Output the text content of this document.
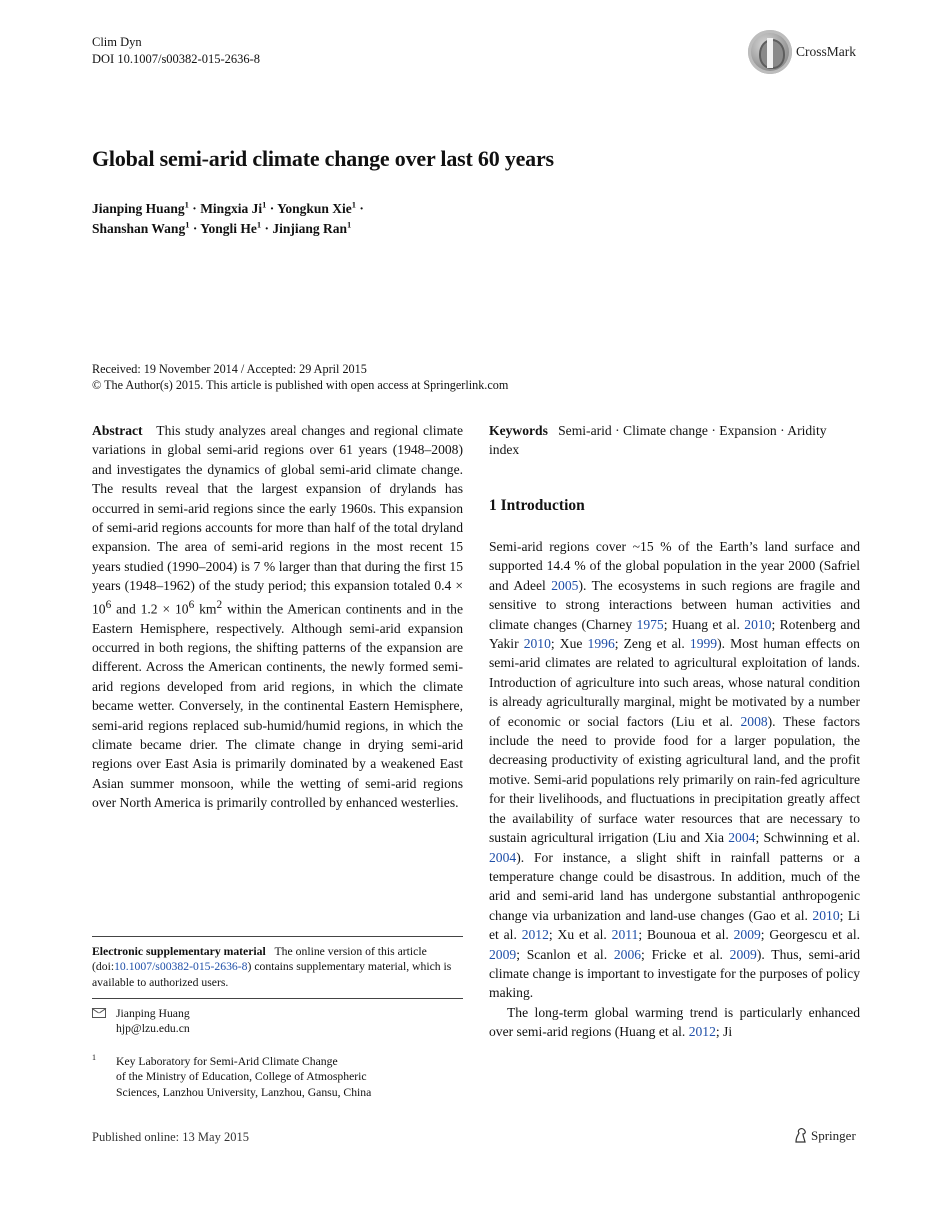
Clim Dyn
DOI 10.1007/s00382-015-2636-8	CrossMark
Global semi-arid climate change over last 60 years
Jianping Huang$^1$ · Mingxia $Ji^1$ · Yongkun Xie$^1$ ·
Shanshan Wang$^1$ · Yongli $He^1$ · Jinjiang Ran$^1$
Received: 19 November 2014 / Accepted: 29 April 2015
© The Author(s) 2015. This article is published with open access at Springerlink.com
Abstract This study analyzes areal changes and regional climate variations in global semi-arid regions over 61 years (1948–2008) and investigates the dynamics of global semi-arid climate change. The results reveal that the largest expansion of drylands has occurred in semi-arid regions since the early 1960s. This expansion of semi-arid regions accounts for more than half of the total dryland expansion. The area of semi-arid regions in the most recent 15 years studied (1990–2004) is 7 % larger than that during the first 15 years (1948–1962) of the study period; this expansion totaled $0.4 \times 10^6$ and $1.2 \times 10^6$ $km^2$ within the American continents and in the Eastern Hemisphere, respectively. Although semi-arid expansion occurred in both regions, the shifting patterns of the expansion are different. Across the American continents, the newly formed semi-arid regions developed from arid regions, in which the climate became wetter. Conversely, in the continental Eastern Hemisphere, semi-arid regions replaced sub-humid/humid regions, in which the climate became drier. The climate change in drying semi-arid regions over East Asia is primarily dominated by a weakened East Asian summer monsoon, while the wetting of semi-arid regions over North America is primarily controlled by enhanced westerlies.
Electronic supplementary material The online version of this article (doi:10.1007/s00382-015-2636-8) contains supplementary material, which is available to authorized users.
Jianping Huang
hjp@lzu.edu.cn
1 Key Laboratory for Semi-Arid Climate Change
of the Ministry of Education, College of Atmospheric
Sciences, Lanzhou University, Lanzhou, Gansu, China
Keywords Semi-arid · Climate change · Expansion · Aridity index
1 Introduction

Semi-arid regions cover ~15 % of the Earth’s land surface and supported 14.4 % of the global population in the year 2000 (Safriel and Adeel 2005). The ecosystems in such regions are fragile and sensitive to strong interactions between human activities and climate changes (Charney 1975; Huang et al. 2010; Rotenberg and Yakir 2010; Xue 1996; Zeng et al. 1999). Most human effects on semi-arid climates are related to agricultural exploitation of lands. Introduction of agriculture into such areas, whose natural condition is already agriculturally marginal, might be motivated by a number of economic or social factors (Liu et al. 2008). These factors include the need to provide food for a larger population, the decreasing productivity of existing agricultural land, and the profit motive. Semi-arid populations rely primarily on rain-fed agriculture for their livelihoods, and fluctuations in precipitation greatly affect the availability of surface water resources that are necessary to sustain agricultural irrigation (Liu and Xia 2004; Schwinning et al. 2004). For instance, a slight shift in rainfall patterns or a temperature change could be disastrous. In addition, much of the arid and semi-arid land has undergone substantial anthropogenic change via urbanization and land-use changes (Gao et al. 2010; Li et al. 2012; Xu et al. 2011; Bounoua et al. 2009; Georgescu et al. 2009; Scanlon et al. 2006; Fricke et al. 2009). Thus, semi-arid climate change is important to investigate for the purposes of policy making.

The long-term global warming trend is particularly enhanced over semi-arid regions (Huang et al. 2012; Ji

Published online: 13 May 2015	Springer
